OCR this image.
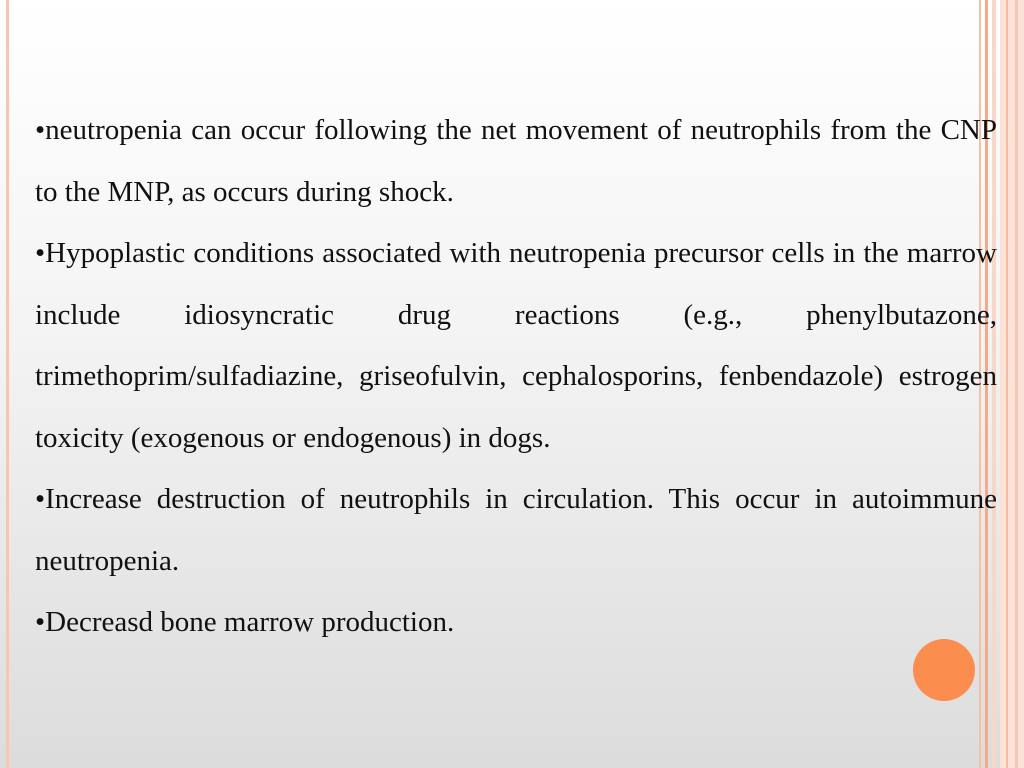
•neutropenia can occur following the net movement of neutrophils from the CNP to the MNP, as occurs during shock.

•Hypoplastic conditions associated with neutropenia precursor cells in the marrow include idiosyncratic drug reactions (e.g., phenylbutazone, trimethoprim/sulfadiazine, griseofulvin, cephalosporins, fenbendazole) estrogen toxicity (exogenous or endogenous) in dogs.

•Increase destruction of neutrophils in circulation. This occur in autoimmune neutropenia.

•Decreasd bone marrow production.
